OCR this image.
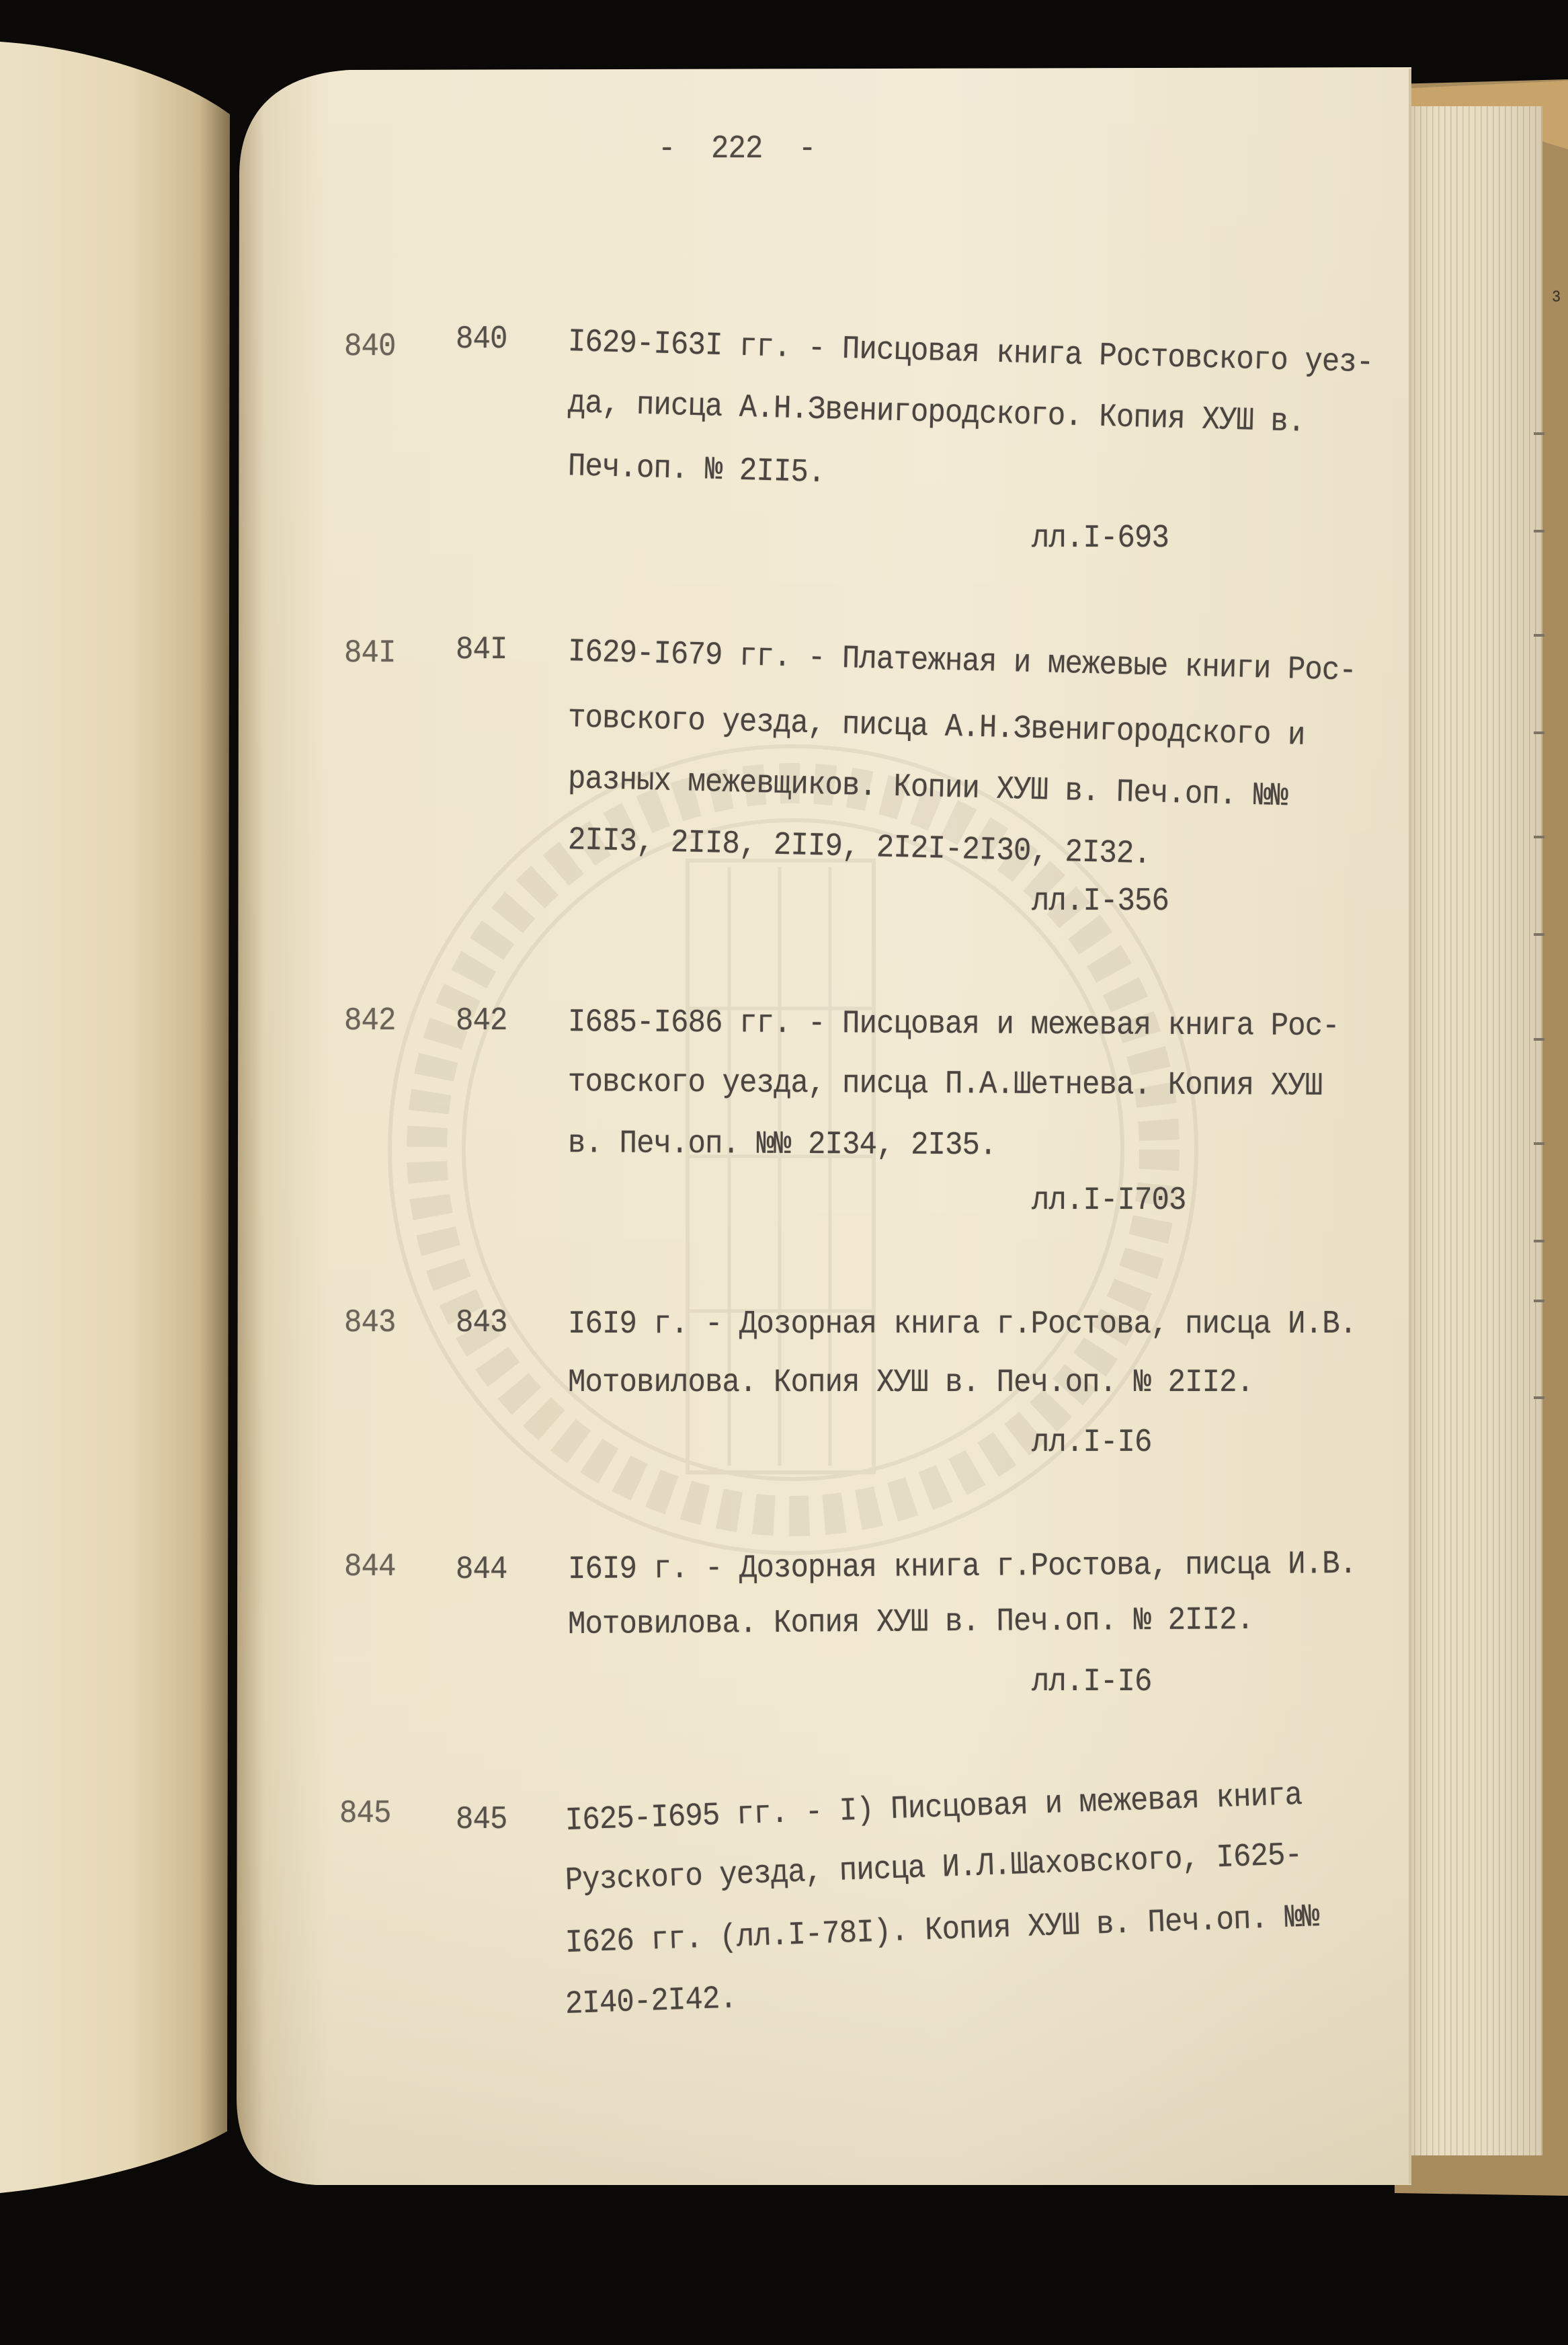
- 222 -
3
840 840 I629-I63I гг. - Писцовая книга Ростовского уез-
да, писца А.Н.Звенигородского. Копия ХУШ в.
Печ.оп. № 2II5.
лл.I-693
84I 84I I629-I679 гг. - Платежная и межевые книги Рос-
товского уезда, писца А.Н.Звенигородского и
разных межевщиков. Копии ХУШ в. Печ.оп. №№
2II3, 2II8, 2II9, 2I2I-2I30, 2I32.
лл.I-356
842 842 I685-I686 гг. - Писцовая и межевая книга Рос-
товского уезда, писца П.А.Шетнева. Копия ХУШ
в. Печ.оп. №№ 2I34, 2I35.
лл.I-I703
843 843 I6I9 г. - Дозорная книга г.Ростова, писца И.В.
Мотовилова. Копия ХУШ в. Печ.оп. № 2II2.
лл.I-I6
844 844 I6I9 г. - Дозорная книга г.Ростова, писца И.В.
Мотовилова. Копия ХУШ в. Печ.оп. № 2II2.
лл.I-I6
845 845 I625-I695 гг. - I) Писцовая и межевая книга
Рузского уезда, писца И.Л.Шаховского, I625-
I626 гг. (лл.I-78I). Копия ХУШ в. Печ.оп. №№
2I40-2I42.
